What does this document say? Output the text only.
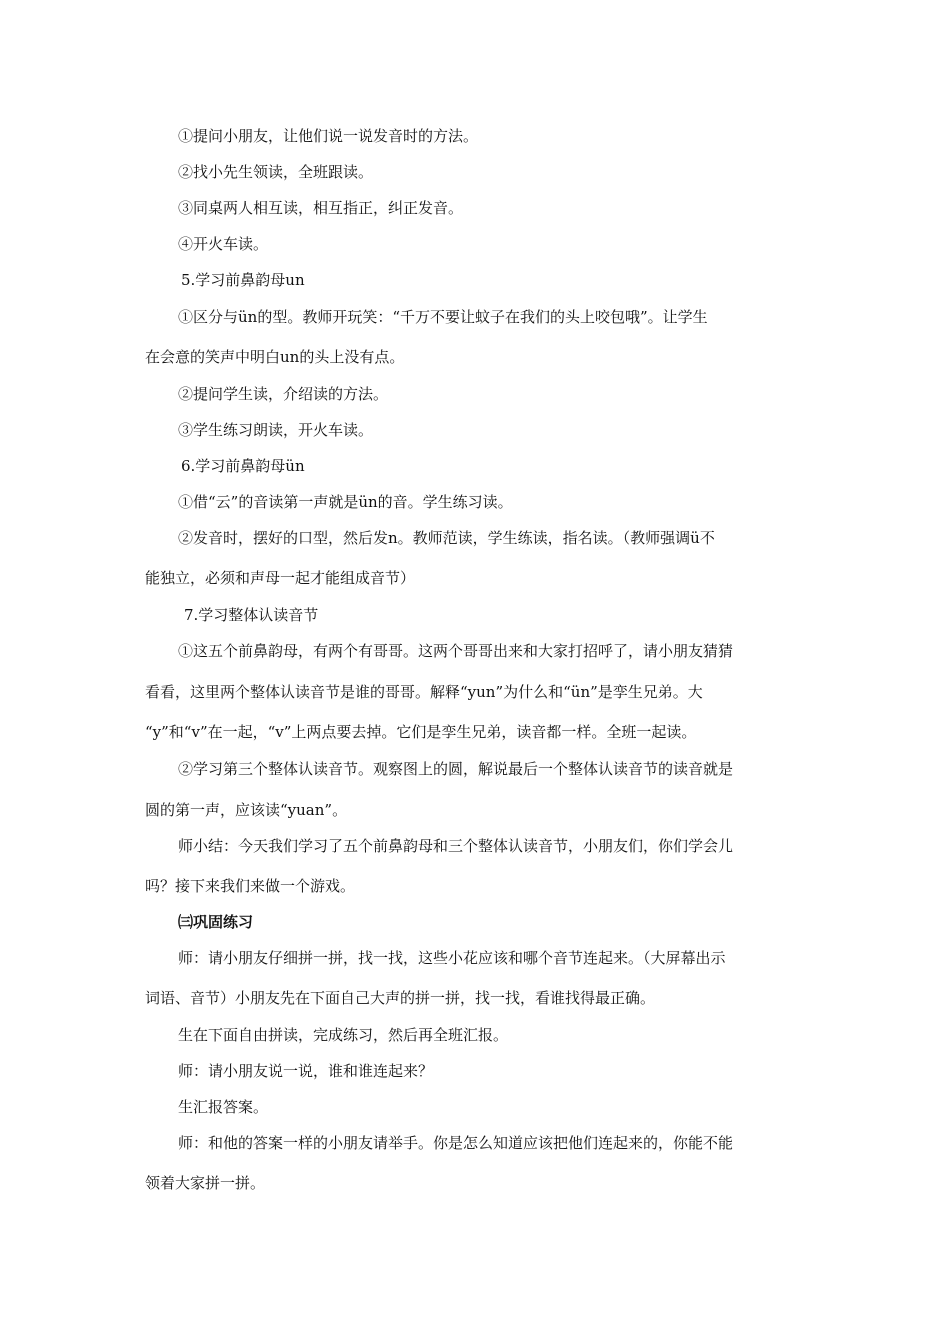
①提问小朋友，让他们说一说发音时的方法。
②找小先生领读，全班跟读。
③同桌两人相互读，相互指正，纠正发音。
④开火车读。
5.学习前鼻韵母un
①区分与ün的型。教师开玩笑：“千万不要让蚊子在我们的头上咬包哦”。让学生
在会意的笑声中明白un的头上没有点。
②提问学生读，介绍读的方法。
③学生练习朗读，开火车读。
6.学习前鼻韵母ün
①借“云”的音读第一声就是ün的音。学生练习读。
②发音时，摆好的口型，然后发n。教师范读，学生练读，指名读。（教师强调ü不
能独立，必须和声母一起才能组成音节）
7.学习整体认读音节
①这五个前鼻韵母，有两个有哥哥。这两个哥哥出来和大家打招呼了，请小朋友猜猜
看看，这里两个整体认读音节是谁的哥哥。解释“yun”为什么和“ün”是孪生兄弟。大
“y”和“v”在一起，“v”上两点要去掉。它们是孪生兄弟，读音都一样。全班一起读。
②学习第三个整体认读音节。观察图上的圆，解说最后一个整体认读音节的读音就是
圆的第一声，应该读“yuan”。
师小结：今天我们学习了五个前鼻韵母和三个整体认读音节，小朋友们，你们学会儿
吗？接下来我们来做一个游戏。
㈢巩固练习
师：请小朋友仔细拼一拼，找一找，这些小花应该和哪个音节连起来。（大屏幕出示
词语、音节）小朋友先在下面自己大声的拼一拼，找一找，看谁找得最正确。
生在下面自由拼读，完成练习，然后再全班汇报。
师：请小朋友说一说，谁和谁连起来？
生汇报答案。
师：和他的答案一样的小朋友请举手。你是怎么知道应该把他们连起来的，你能不能
领着大家拼一拼。
